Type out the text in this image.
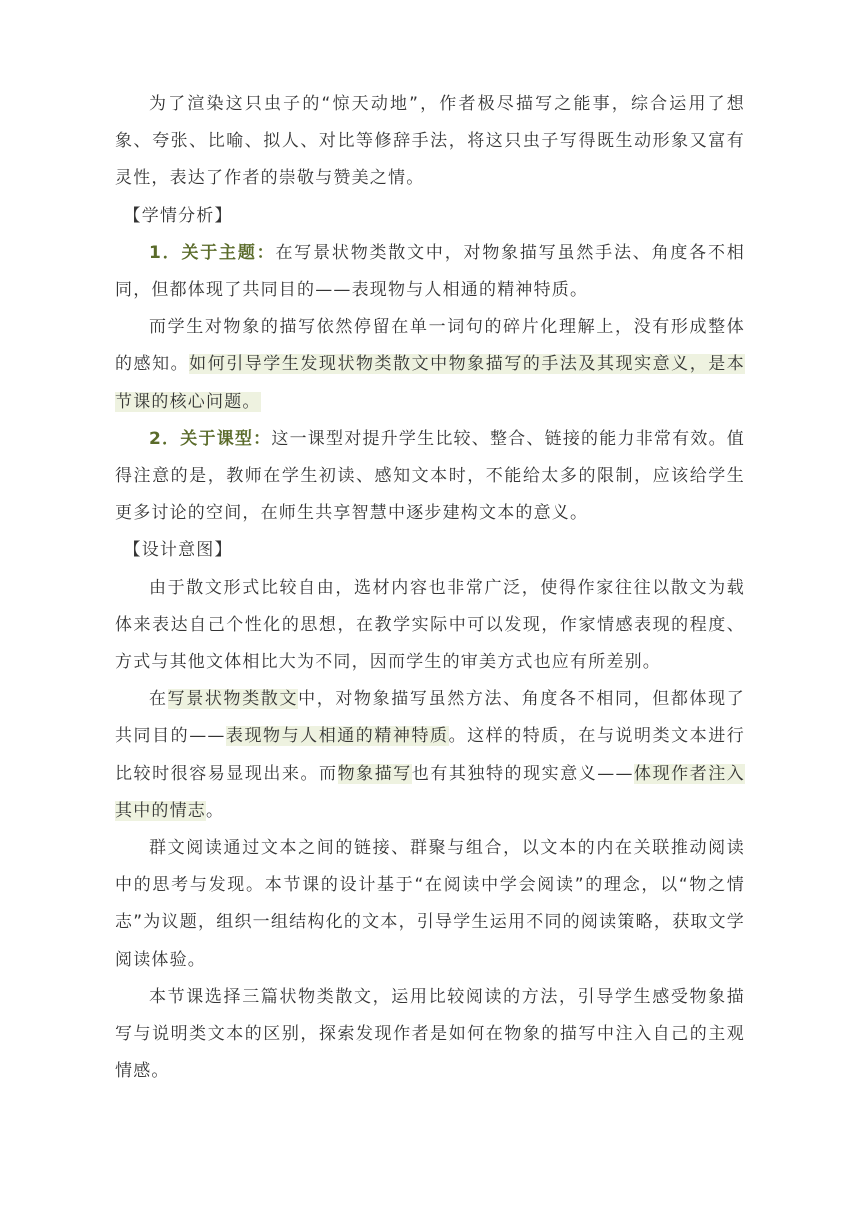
为了渲染这只虫子的“惊天动地”，作者极尽描写之能事，综合运用了想象、夸张、比喻、拟人、对比等修辞手法，将这只虫子写得既生动形象又富有灵性，表达了作者的崇敬与赞美之情。

【学情分析】

1．关于主题：在写景状物类散文中，对物象描写虽然手法、角度各不相同，但都体现了共同目的——表现物与人相通的精神特质。

而学生对物象的描写依然停留在单一词句的碎片化理解上，没有形成整体的感知。如何引导学生发现状物类散文中物象描写的手法及其现实意义，是本节课的核心问题。

2．关于课型：这一课型对提升学生比较、整合、链接的能力非常有效。值得注意的是，教师在学生初读、感知文本时，不能给太多的限制，应该给学生更多讨论的空间，在师生共享智慧中逐步建构文本的意义。

【设计意图】

由于散文形式比较自由，选材内容也非常广泛，使得作家往往以散文为载体来表达自己个性化的思想，在教学实际中可以发现，作家情感表现的程度、方式与其他文体相比大为不同，因而学生的审美方式也应有所差别。

在写景状物类散文中，对物象描写虽然方法、角度各不相同，但都体现了共同目的——表现物与人相通的精神特质。这样的特质，在与说明类文本进行比较时很容易显现出来。而物象描写也有其独特的现实意义——体现作者注入其中的情志。

群文阅读通过文本之间的链接、群聚与组合，以文本的内在关联推动阅读中的思考与发现。本节课的设计基于“在阅读中学会阅读”的理念，以“物之情志”为议题，组织一组结构化的文本，引导学生运用不同的阅读策略，获取文学阅读体验。

本节课选择三篇状物类散文，运用比较阅读的方法，引导学生感受物象描写与说明类文本的区别，探索发现作者是如何在物象的描写中注入自己的主观情感。
